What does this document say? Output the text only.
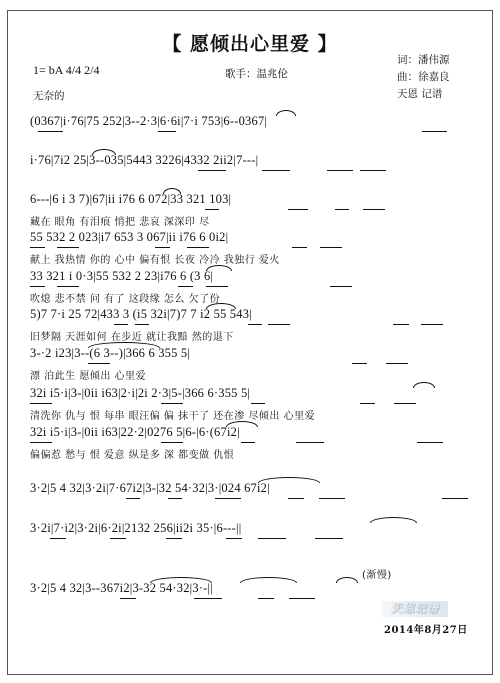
【 愿倾出心里爱 】
1= bA 4/4 2/4	歌手：温兆伦
词：潘伟源
曲：徐嘉良
天恩 记谱
无奈的
(0367|i·76|75 252|3--2·3|6·6i|7·i 753|6--0367|
i·76|7i2 25|3--035|5443 3226|4332 2ii2|7---|
6---|6 i 3 7)|67|ii i76 6 072|33 321 103|
藏在 眼角 有泪痕 悄把 悲哀 深深印 尽
55 532 2 023|i7 653 3 067|ii i76 6 0i2|
献上 我热情 你的 心中 偏有恨 长夜 冷冷 我独行 爱火
33 321 i 0·3|55 532 2 23|i76 6 (3 6|
吹熄 悲不禁 问 有了 这段缘 怎么 欠了份
5)7 7·i 25 72|433 3 (i5 32i|7)7 7 i2 55 543|
旧梦隔 天涯如何 在步近 就让我黯 然的退下
3-·2 i23|3--(6 3--)|366 6 355 5|
漂 泊此生 愿倾出 心里爱
32i i5·i|3-|0ii i63|2·i|2i 2·3|5-|366 6·355 5|
清洗你 仇与 恨 每串 眼汪偏 偏 抹干了 还在渗 尽倾出 心里爱
32i i5·i|3-|0ii i63|22·2|0276 5|6-|6·(67i2|
偏偏惹 愁与 恨 爱意 纵是多 深 都变做 仇恨
3·2|5 4 32|3·2i|7·67i2|3-|32 54·32|3·|024 67i2|
3·2i|7·i2|3·2i|6·2i|2132 256|ii2i 35·|6---||
3·2|5 4 32|3--367i2|3-32 54·32|3·-||
(渐慢)
天恩记谱
2014年8月27日
